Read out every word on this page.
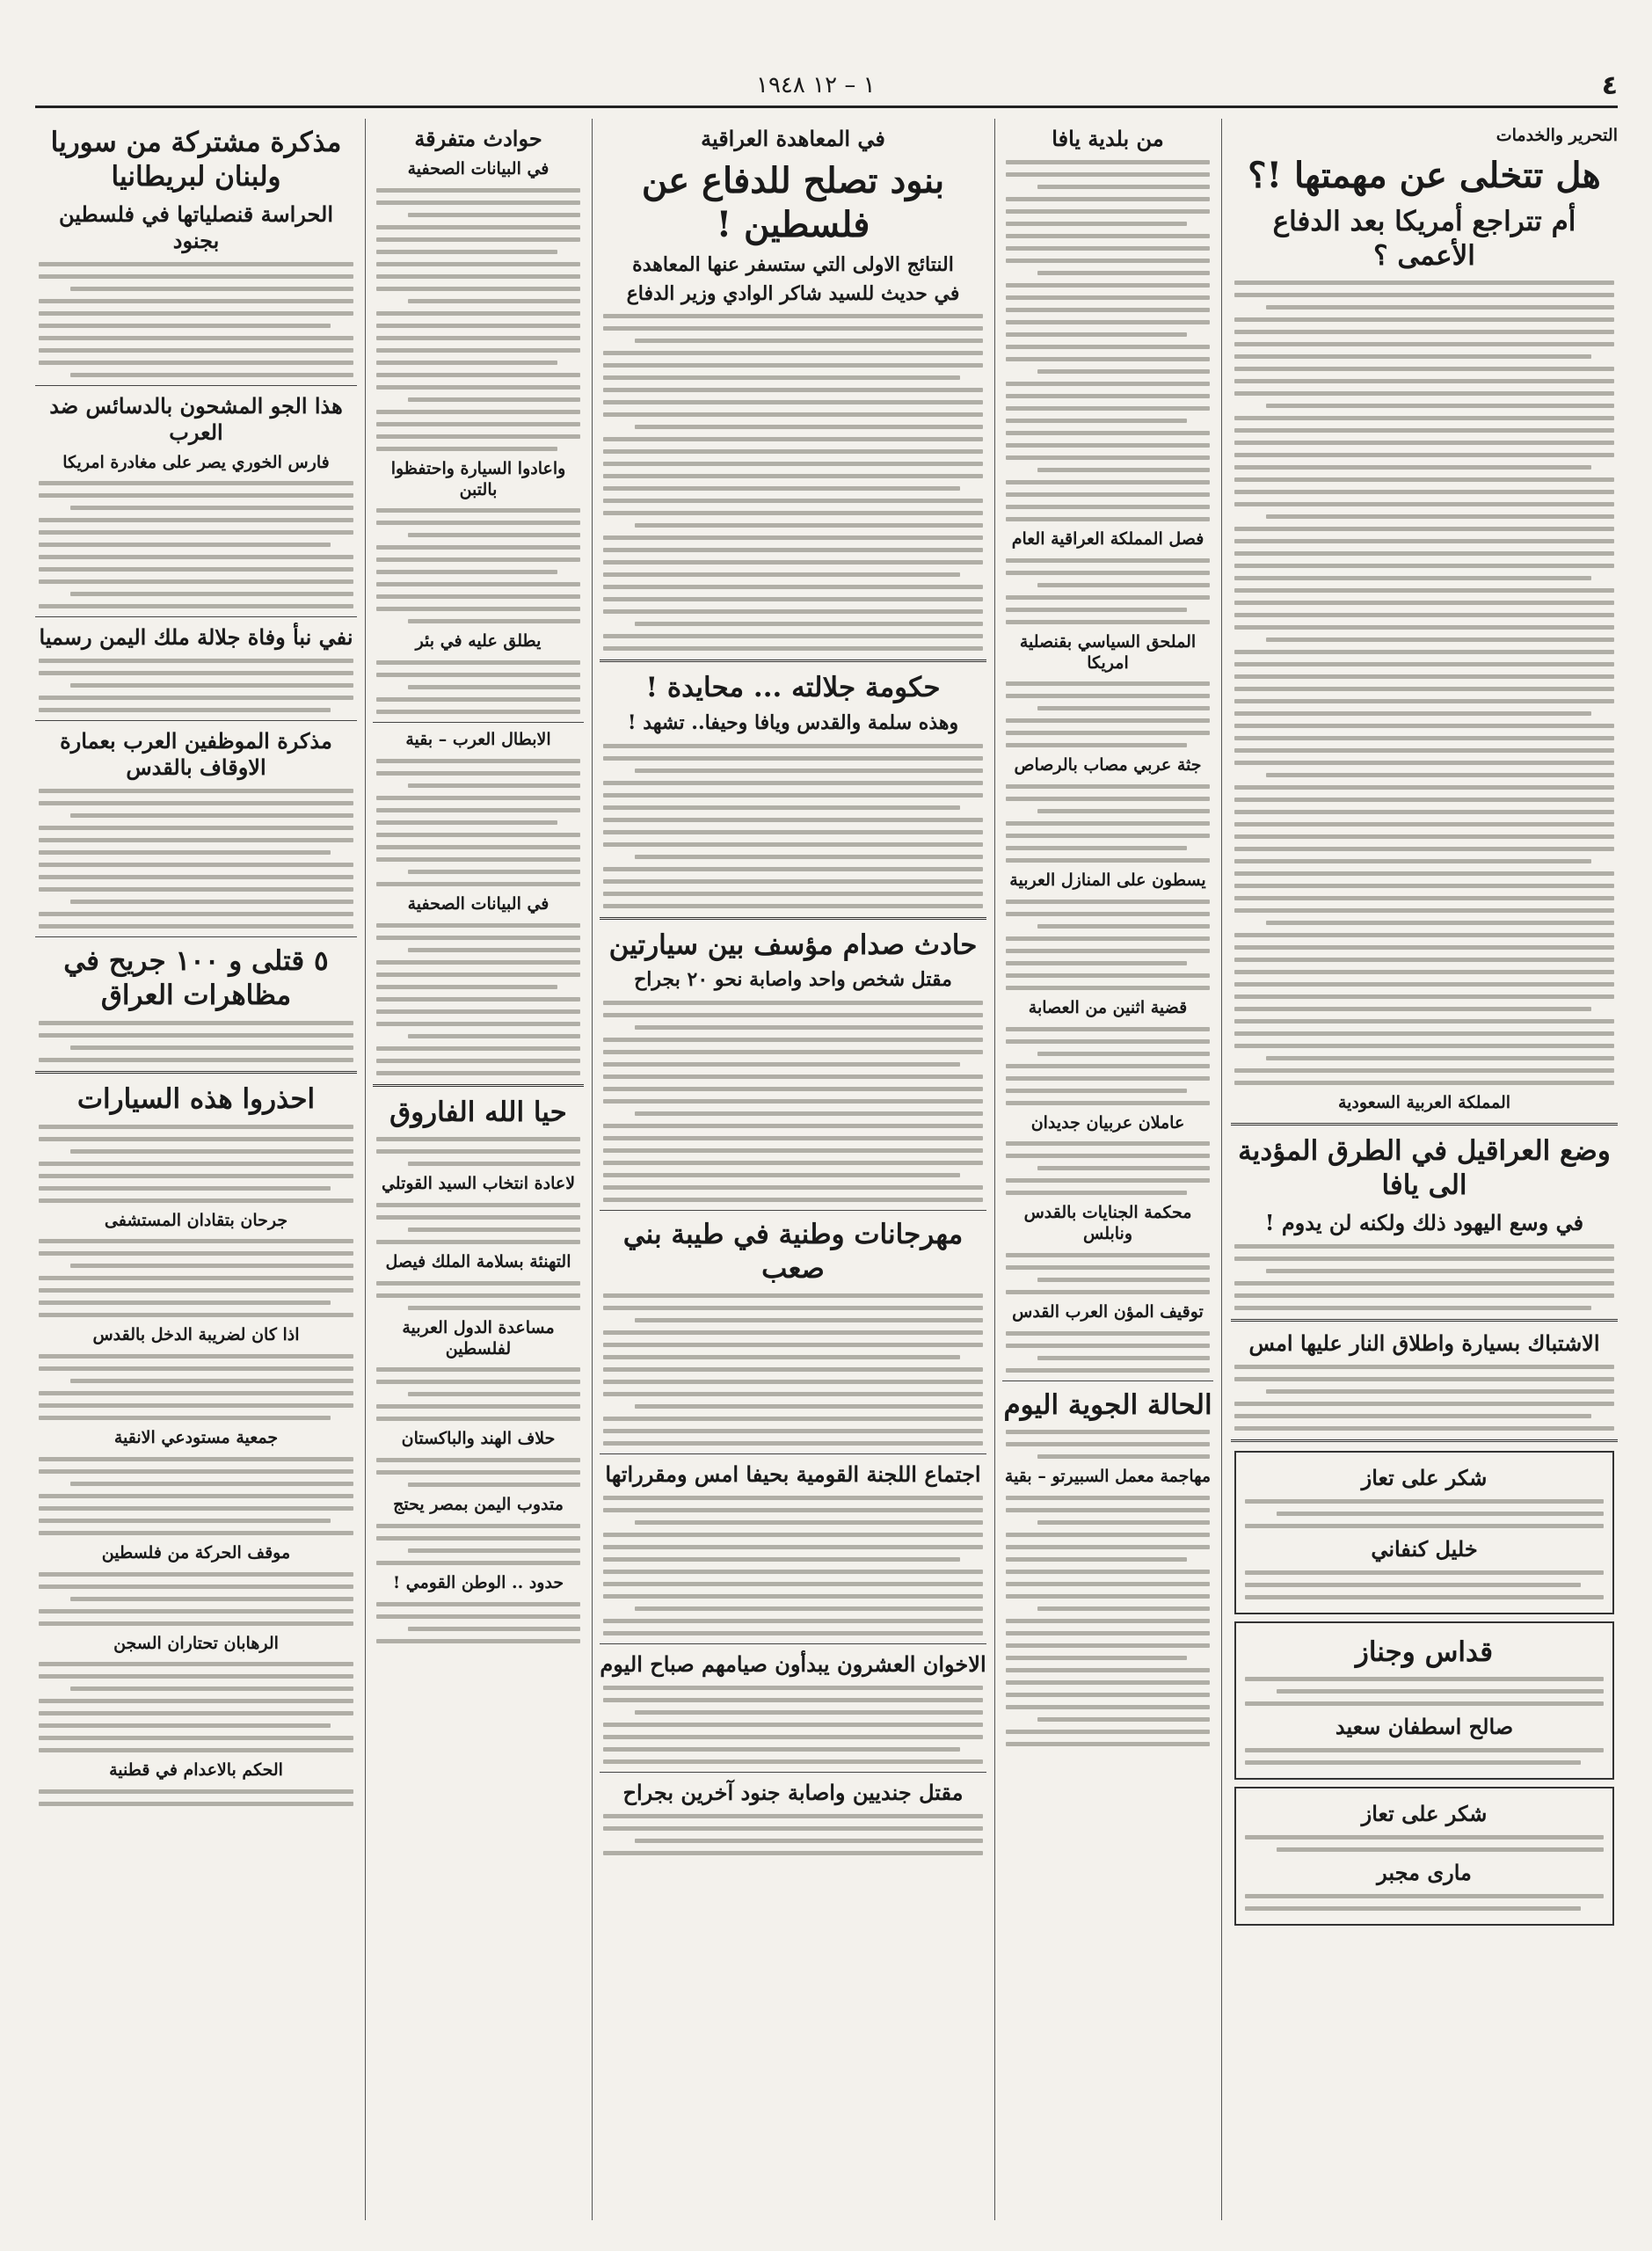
٤
١ – ١٢ ١٩٤٨
التحرير والخدمات
هل تتخلى عن مهمتها !؟
أم تتراجع أمريكا بعد الدفاع الأعمى ؟
المملكة العربية السعودية
وضع العراقيل في الطرق المؤدية الى يافا
في وسع اليهود ذلك ولكنه لن يدوم !
الاشتباك بسيارة واطلاق النار عليها امس
شكر على تعاز
خليل كنفاني
قداس وجناز
صالح اسطفان سعيد
شكر على تعاز
مارى مجبر
من بلدية يافا
فصل المملكة العراقية العام
الملحق السياسي بقنصلية امريكا
جثة عربي مصاب بالرصاص
يسطون على المنازل العربية
قضية اثنين من العصابة
عاملان عربيان جديدان
محكمة الجنايات بالقدس ونابلس
توقيف المؤن العرب القدس
الحالة الجوية اليوم
مهاجمة معمل السبيرتو – بقية
في المعاهدة العراقية
بنود تصلح للدفاع عن فلسطين !
النتائج الاولى التي ستسفر عنها المعاهدة
في حديث للسيد شاكر الوادي وزير الدفاع
حكومة جلالته ... محايدة !
وهذه سلمة والقدس ويافا وحيفا.. تشهد !
حادث صدام مؤسف بين سيارتين
مقتل شخص واحد واصابة نحو ٢٠ بجراح
مهرجانات وطنية في طيبة بني صعب
اجتماع اللجنة القومية بحيفا امس ومقرراتها
الاخوان العشرون يبدأون صيامهم صباح اليوم
مقتل جنديين واصابة جنود آخرين بجراح
حوادث متفرقة
في البيانات الصحفية
واعادوا السيارة واحتفظوا بالتبن
يطلق عليه في بئر
الابطال العرب – بقية
في البيانات الصحفية
حيا الله الفاروق
لاعادة انتخاب السيد القوتلي
التهنئة بسلامة الملك فيصل
مساعدة الدول العربية لفلسطين
حلاف الهند والباكستان
متدوب اليمن بمصر يحتج
حدود .. الوطن القومي !
مذكرة مشتركة من سوريا ولبنان لبريطانيا
الحراسة قنصلياتها في فلسطين بجنود
هذا الجو المشحون بالدسائس ضد العرب
فارس الخوري يصر على مغادرة امريكا
نفي نبأ وفاة جلالة ملك اليمن رسميا
مذكرة الموظفين العرب بعمارة الاوقاف بالقدس
٥ قتلى و ١٠٠ جريح في مظاهرات العراق
احذروا هذه السيارات
جرحان بتقادان المستشفى
اذا كان لضريبة الدخل بالقدس
جمعية مستودعي الانقية
موقف الحركة من فلسطين
الرهابان تحتاران السجن
الحكم بالاعدام في قطنية
